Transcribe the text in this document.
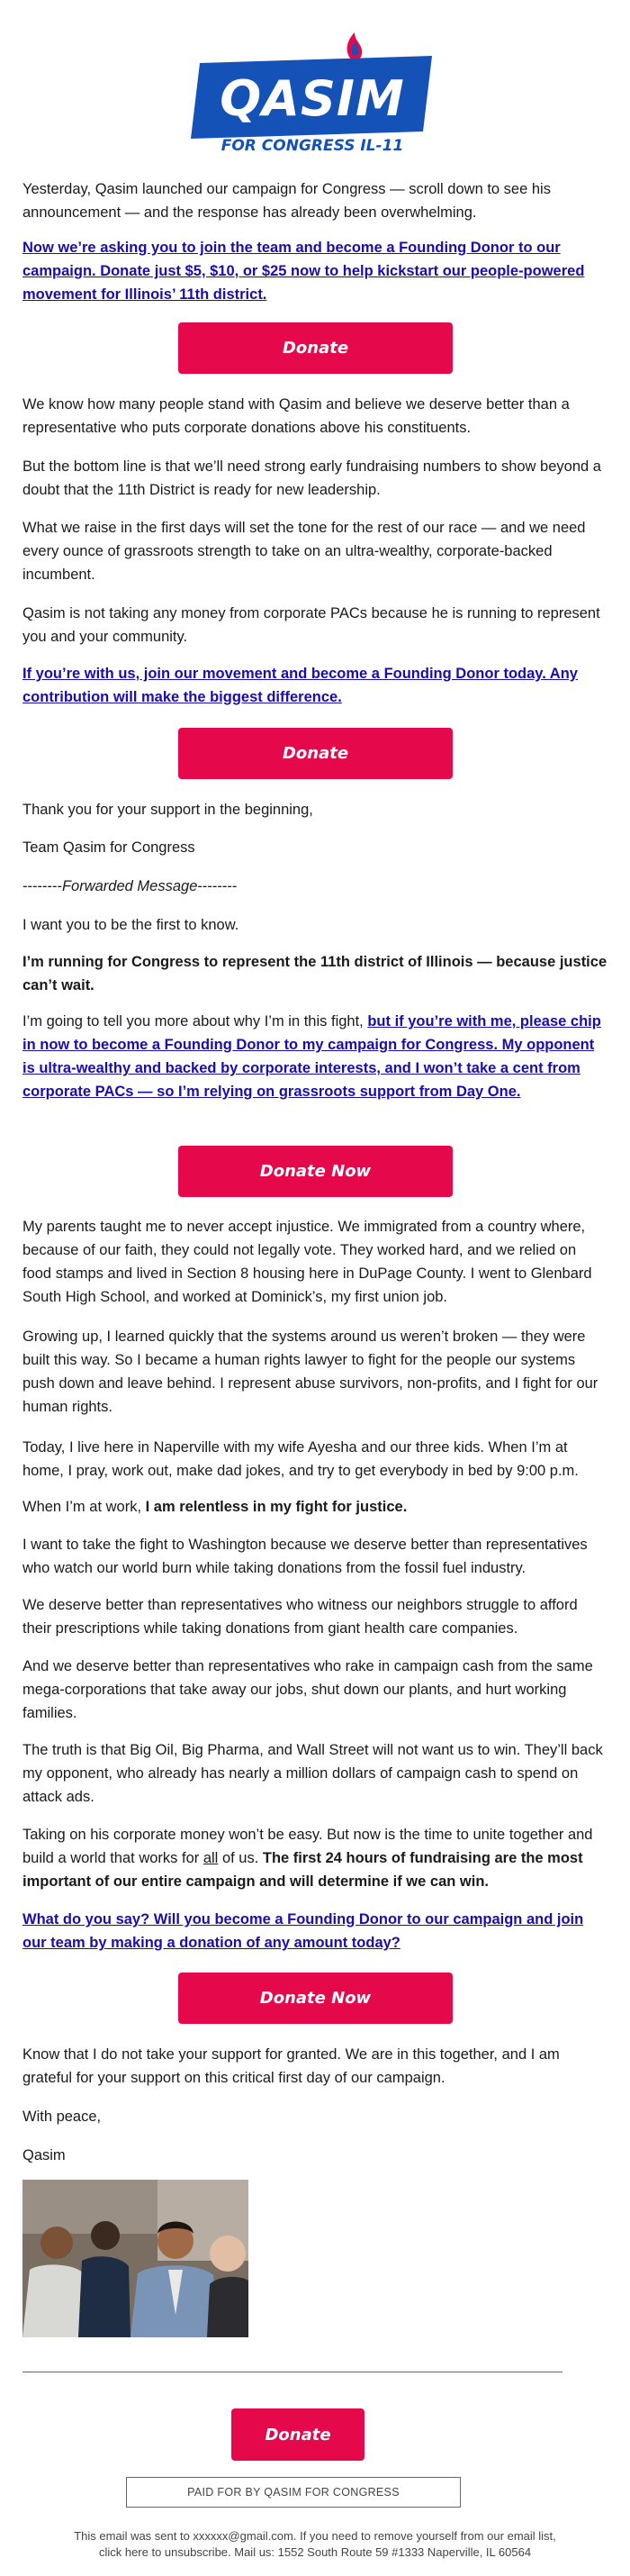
QASIM
FOR CONGRESS IL-11

Yesterday, Qasim launched our campaign for Congress — scroll down to see his announcement — and the response has already been overwhelming.

Now we’re asking you to join the team and become a Founding Donor to our campaign. Donate just $5, $10, or $25 now to help kickstart our people-powered movement for Illinois’ 11th district.

Donate

We know how many people stand with Qasim and believe we deserve better than a representative who puts corporate donations above his constituents.

But the bottom line is that we’ll need strong early fundraising numbers to show beyond a doubt that the 11th District is ready for new leadership.

What we raise in the first days will set the tone for the rest of our race — and we need every ounce of grassroots strength to take on an ultra-wealthy, corporate-backed incumbent.

Qasim is not taking any money from corporate PACs because he is running to represent you and your community.

If you’re with us, join our movement and become a Founding Donor today. Any contribution will make the biggest difference.

Donate

Thank you for your support in the beginning,

Team Qasim for Congress

--------Forwarded Message--------

I want you to be the first to know.

I’m running for Congress to represent the 11th district of Illinois — because justice can’t wait.

I’m going to tell you more about why I’m in this fight, but if you’re with me, please chip in now to become a Founding Donor to my campaign for Congress. My opponent is ultra-wealthy and backed by corporate interests, and I won’t take a cent from corporate PACs — so I’m relying on grassroots support from Day One.

Donate Now

My parents taught me to never accept injustice. We immigrated from a country where, because of our faith, they could not legally vote. They worked hard, and we relied on food stamps and lived in Section 8 housing here in DuPage County. I went to Glenbard South High School, and worked at Dominick’s, my first union job.

Growing up, I learned quickly that the systems around us weren’t broken — they were built this way. So I became a human rights lawyer to fight for the people our systems push down and leave behind. I represent abuse survivors, non-profits, and I fight for our human rights.

Today, I live here in Naperville with my wife Ayesha and our three kids. When I’m at home, I pray, work out, make dad jokes, and try to get everybody in bed by 9:00 p.m.

When I’m at work, I am relentless in my fight for justice.

I want to take the fight to Washington because we deserve better than representatives who watch our world burn while taking donations from the fossil fuel industry.

We deserve better than representatives who witness our neighbors struggle to afford their prescriptions while taking donations from giant health care companies.

And we deserve better than representatives who rake in campaign cash from the same mega-corporations that take away our jobs, shut down our plants, and hurt working families.

The truth is that Big Oil, Big Pharma, and Wall Street will not want us to win. They’ll back my opponent, who already has nearly a million dollars of campaign cash to spend on attack ads.

Taking on his corporate money won’t be easy. But now is the time to unite together and build a world that works for all of us. The first 24 hours of fundraising are the most important of our entire campaign and will determine if we can win.

What do you say? Will you become a Founding Donor to our campaign and join our team by making a donation of any amount today?

Donate Now

Know that I do not take your support for granted. We are in this together, and I am grateful for your support on this critical first day of our campaign.

With peace,

Qasim

Donate
PAID FOR BY QASIM FOR CONGRESS

This email was sent to xxxxxx@gmail.com. If you need to remove yourself from our email list,
click here to unsubscribe. Mail us: 1552 South Route 59 #1333 Naperville, IL 60564
